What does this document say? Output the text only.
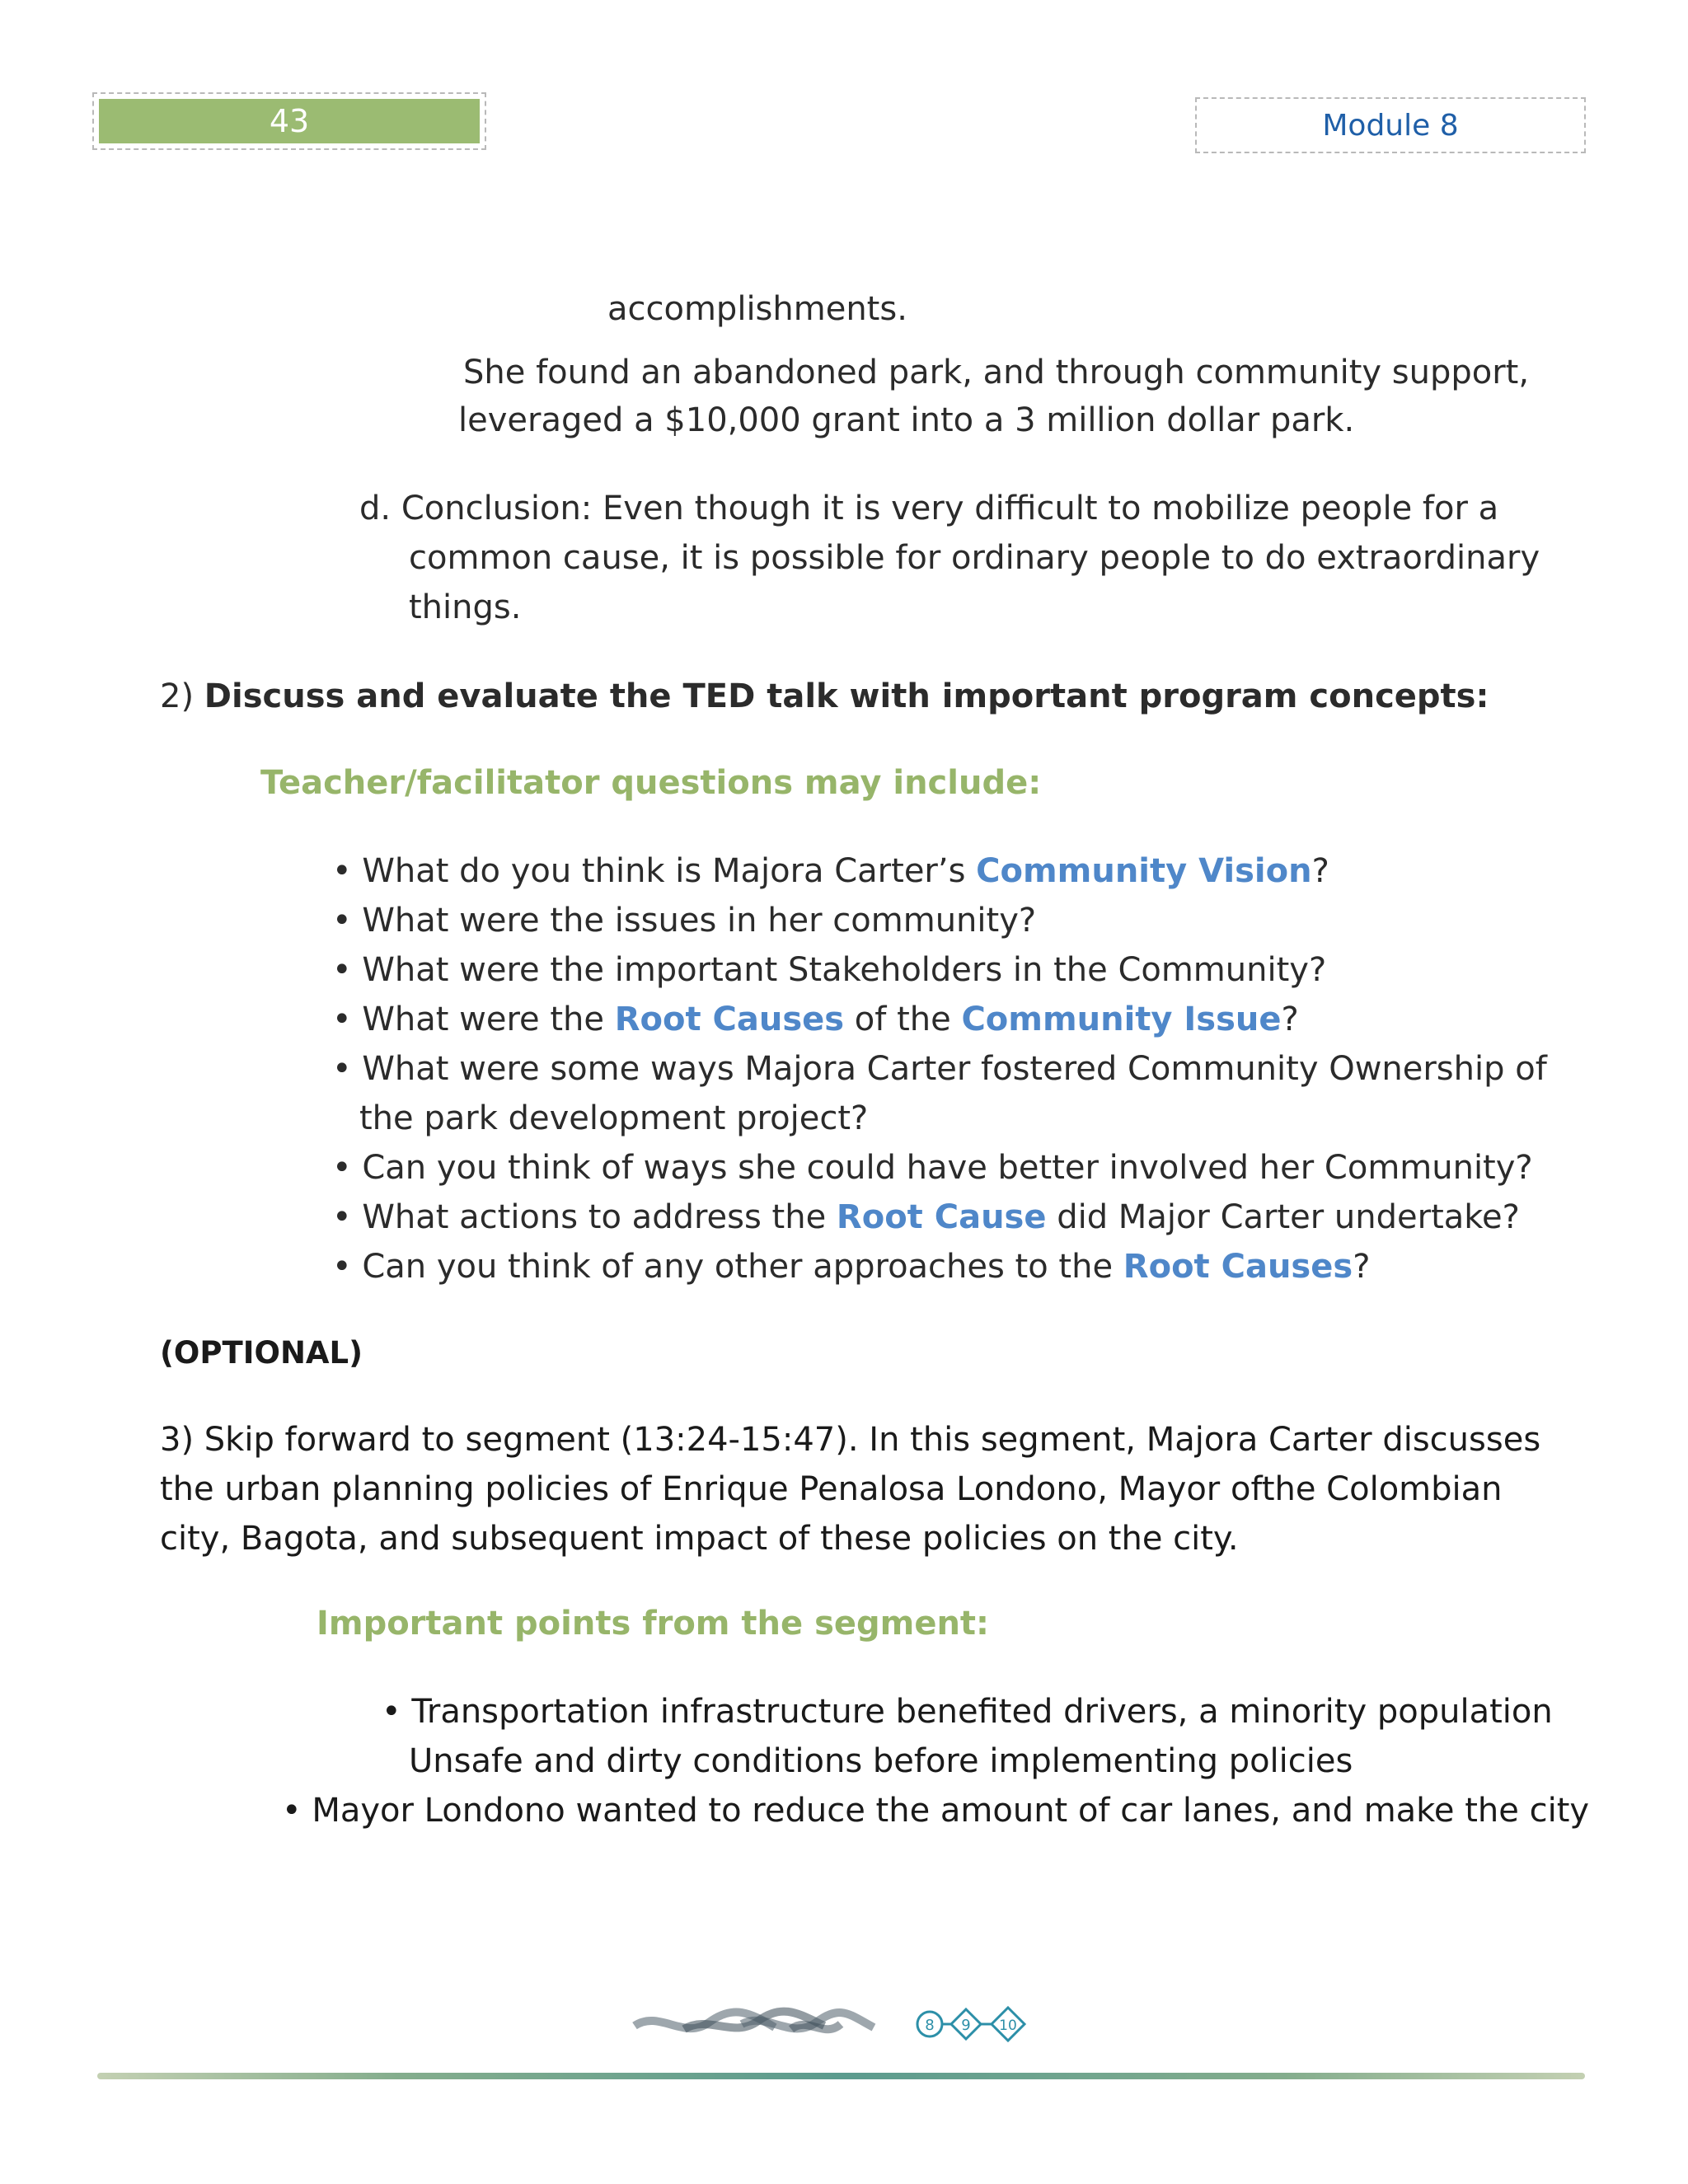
43	Module 8
accomplishments.
She found an abandoned park, and through community support,
leveraged a $10,000 grant into a 3 million dollar park.
d. Conclusion: Even though it is very difficult to mobilize people for a
common cause, it is possible for ordinary people to do extraordinary
things.
2) Discuss and evaluate the TED talk with important program concepts:
Teacher/facilitator questions may include:
• What do you think is Majora Carter’s Community Vision?
• What were the issues in her community?
• What were the important Stakeholders in the Community?
• What were the Root Causes of the Community Issue?
• What were some ways Majora Carter fostered Community Ownership of
the park development project?
• Can you think of ways she could have better involved her Community?
• What actions to address the Root Cause did Major Carter undertake?
• Can you think of any other approaches to the Root Causes?
(OPTIONAL)
3) Skip forward to segment (13:24-15:47). In this segment, Majora Carter discusses
the urban planning policies of Enrique Penalosa Londono, Mayor ofthe Colombian
city, Bagota, and subsequent impact of these policies on the city.
Important points from the segment:
• Transportation infrastructure benefited drivers, a minority population
Unsafe and dirty conditions before implementing policies
• Mayor Londono wanted to reduce the amount of car lanes, and make the city
8 9 10
